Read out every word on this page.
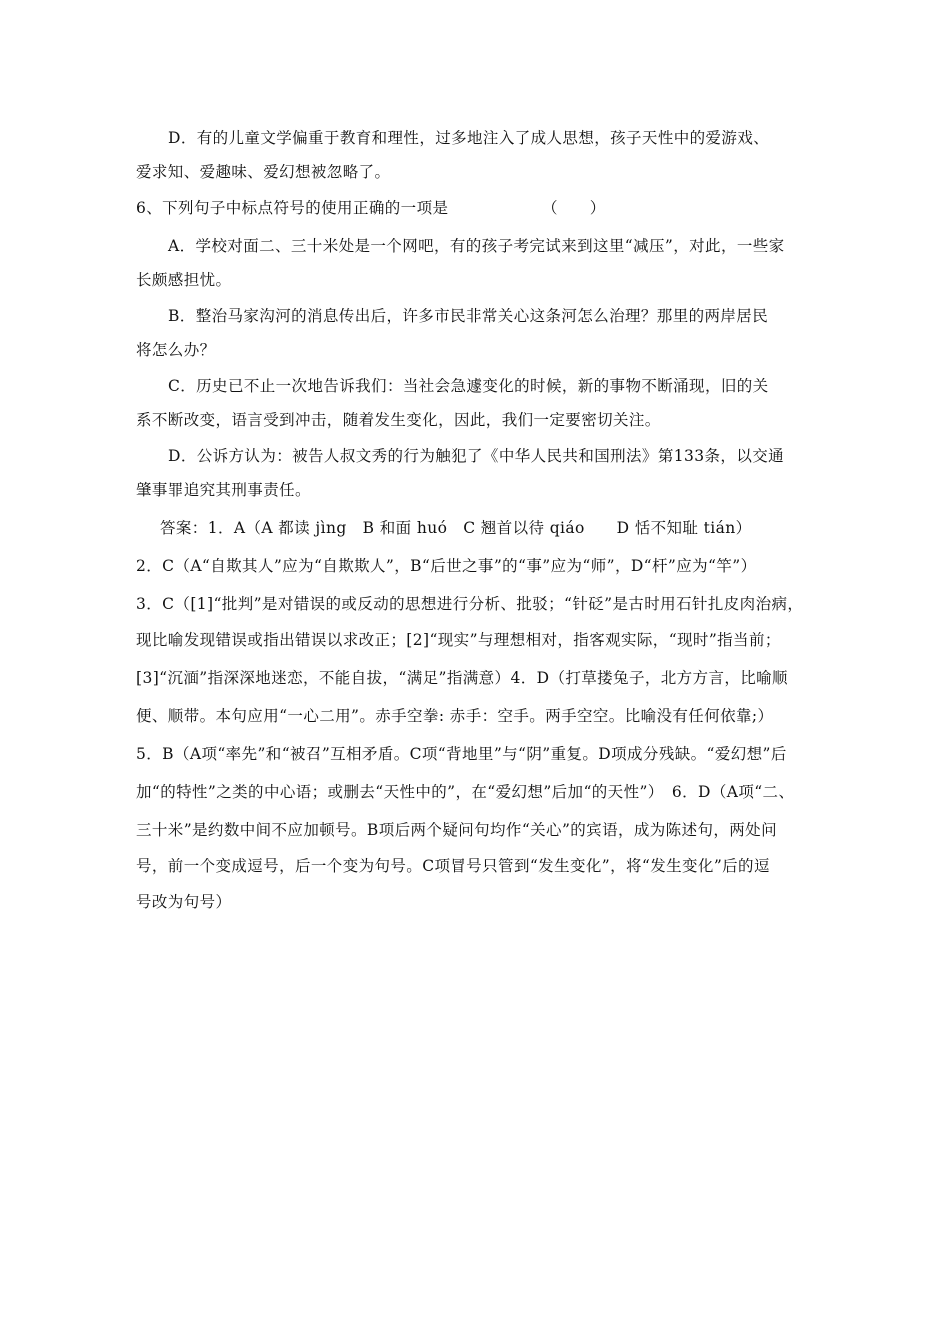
D．有的儿童文学偏重于教育和理性，过多地注入了成人思想，孩子天性中的爱游戏、
爱求知、爱趣味、爱幻想被忽略了。
6、下列句子中标点符号的使用正确的一项是	（　　）
A．学校对面二、三十米处是一个网吧，有的孩子考完试来到这里“减压”，对此，一些家
长颇感担忧。
B．整治马家沟河的消息传出后，许多市民非常关心这条河怎么治理？那里的两岸居民
将怎么办？
C．历史已不止一次地告诉我们：当社会急遽变化的时候，新的事物不断涌现，旧的关
系不断改变，语言受到冲击，随着发生变化，因此，我们一定要密切关注。
D．公诉方认为：被告人叔文秀的行为触犯了《中华人民共和国刑法》第133条，以交通
肇事罪追究其刑事责任。
答案：1．A（A 都读 jìng　B 和面 huó　C 翘首以待 qiáo　　D 恬不知耻 tián）
2．C（A“自欺其人”应为“自欺欺人”，B“后世之事”的“事”应为“师”，D“杆”应为“竿”）
3．C（[1]“批判”是对错误的或反动的思想进行分析、批驳；“针砭”是古时用石针扎皮肉治病，
现比喻发现错误或指出错误以求改正；[2]“现实”与理想相对，指客观实际，“现时”指当前；
[3]“沉湎”指深深地迷恋，不能自拔，“满足”指满意）4．D（打草搂兔子，北方方言，比喻顺
便、顺带。本句应用“一心二用”。赤手空拳: 赤手：空手。两手空空。比喻没有任何依靠;）
5．B（A项“率先”和“被召”互相矛盾。C项“背地里”与“阴”重复。D项成分残缺。“爱幻想”后
加“的特性”之类的中心语；或删去“天性中的”，在“爱幻想”后加“的天性”）　6．D（A项“二、
三十米”是约数中间不应加顿号。B项后两个疑问句均作“关心”的宾语，成为陈述句，两处问
号，前一个变成逗号，后一个变为句号。C项冒号只管到“发生变化”，将“发生变化”后的逗
号改为句号）
